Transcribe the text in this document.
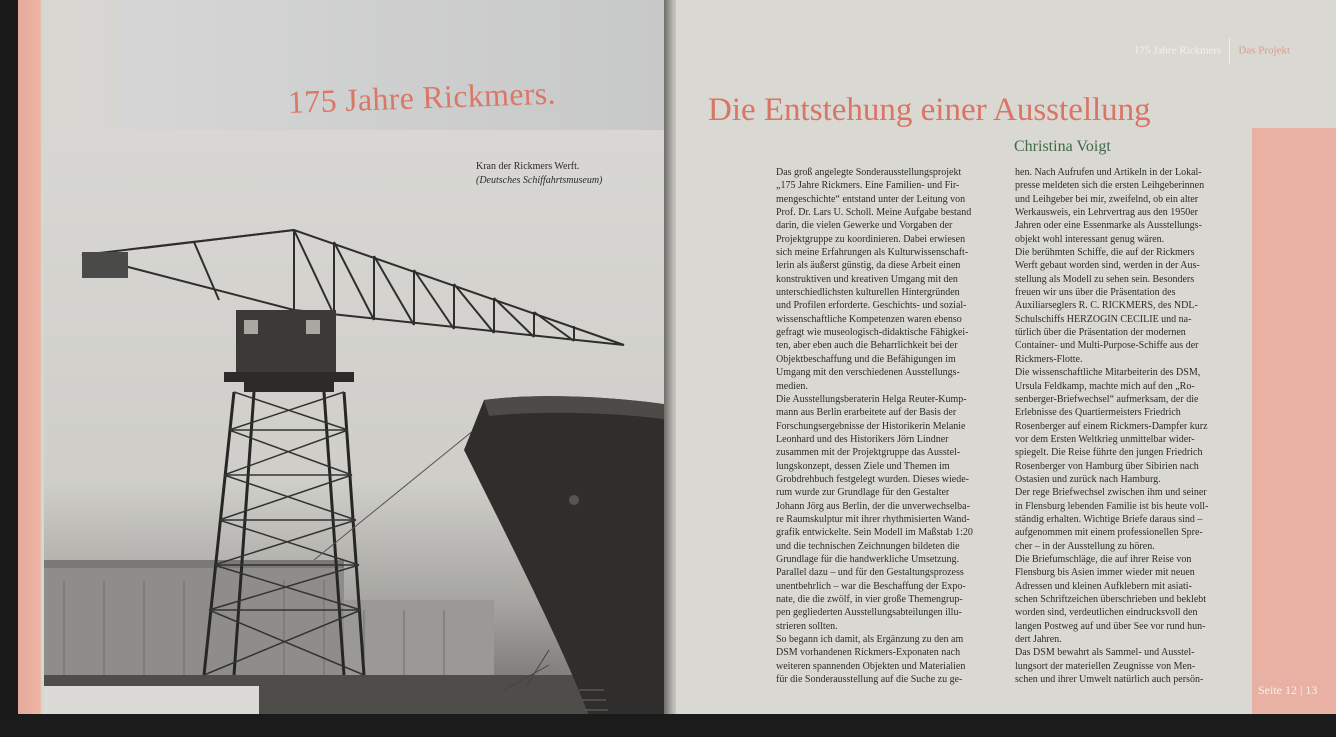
175 Jahre Rickmers.
Kran der Rickmers Werft.
(Deutsches Schiffahrtsmuseum)
175 Jahre Rickmers Das Projekt
Die Entstehung einer Ausstellung
Christina Voigt

Das groß angelegte Sonderausstellungsprojekt

„175 Jahre Rickmers. Eine Familien- und Fir-

mengeschichte“ entstand unter der Leitung von

Prof. Dr. Lars U. Scholl. Meine Aufgabe bestand

darin, die vielen Gewerke und Vorgaben der

Projektgruppe zu koordinieren. Dabei erwiesen

sich meine Erfahrungen als Kulturwissenschaft-

lerin als äußerst günstig, da diese Arbeit einen

konstruktiven und kreativen Umgang mit den

unterschiedlichsten kulturellen Hintergründen

und Profilen erforderte. Geschichts- und sozial-

wissenschaftliche Kompetenzen waren ebenso

gefragt wie museologisch-didaktische Fähigkei-

ten, aber eben auch die Beharrlichkeit bei der

Objektbeschaffung und die Befähigungen im

Umgang mit den verschiedenen Ausstellungs-

medien.

Die Ausstellungsberaterin Helga Reuter-Kump-

mann aus Berlin erarbeitete auf der Basis der

Forschungsergebnisse der Historikerin Melanie

Leonhard und des Historikers Jörn Lindner

zusammen mit der Projektgruppe das Ausstel-

lungskonzept, dessen Ziele und Themen im

Grobdrehbuch festgelegt wurden. Dieses wiede-

rum wurde zur Grundlage für den Gestalter

Johann Jörg aus Berlin, der die unverwechselba-

re Raumskulptur mit ihrer rhythmisierten Wand-

grafik entwickelte. Sein Modell im Maßstab 1:20

und die technischen Zeichnungen bildeten die

Grundlage für die handwerkliche Umsetzung.

Parallel dazu – und für den Gestaltungsprozess

unentbehrlich – war die Beschaffung der Expo-

nate, die die zwölf, in vier große Themengrup-

pen gegliederten Ausstellungsabteilungen illu-

strieren sollten.

So begann ich damit, als Ergänzung zu den am

DSM vorhandenen Rickmers-Exponaten nach

weiteren spannenden Objekten und Materialien

für die Sonderausstellung auf die Suche zu ge-

hen. Nach Aufrufen und Artikeln in der Lokal-

presse meldeten sich die ersten Leihgeberinnen

und Leihgeber bei mir, zweifelnd, ob ein alter

Werkausweis, ein Lehrvertrag aus den 1950er

Jahren oder eine Essenmarke als Ausstellungs-

objekt wohl interessant genug wären.

Die berühmten Schiffe, die auf der Rickmers

Werft gebaut worden sind, werden in der Aus-

stellung als Modell zu sehen sein. Besonders

freuen wir uns über die Präsentation des

Auxiliarseglers R. C. RICKMERS, des NDL-

Schulschiffs HERZOGIN CECILIE und na-

türlich über die Präsentation der modernen

Container- und Multi-Purpose-Schiffe aus der

Rickmers-Flotte.

Die wissenschaftliche Mitarbeiterin des DSM,

Ursula Feldkamp, machte mich auf den „Ro-

senberger-Briefwechsel“ aufmerksam, der die

Erlebnisse des Quartiermeisters Friedrich

Rosenberger auf einem Rickmers-Dampfer kurz

vor dem Ersten Weltkrieg unmittelbar wider-

spiegelt. Die Reise führte den jungen Friedrich

Rosenberger von Hamburg über Sibirien nach

Ostasien und zurück nach Hamburg.

Der rege Briefwechsel zwischen ihm und seiner

in Flensburg lebenden Familie ist bis heute voll-

ständig erhalten. Wichtige Briefe daraus sind –

aufgenommen mit einem professionellen Spre-

cher – in der Ausstellung zu hören.

Die Briefumschläge, die auf ihrer Reise von

Flensburg bis Asien immer wieder mit neuen

Adressen und kleinen Aufklebern mit asiati-

schen Schriftzeichen überschrieben und beklebt

worden sind, verdeutlichen eindrucksvoll den

langen Postweg auf und über See vor rund hun-

dert Jahren.

Das DSM bewahrt als Sammel- und Ausstel-

lungsort der materiellen Zeugnisse von Men-

schen und ihrer Umwelt natürlich auch persön-

Seite 12 | 13
